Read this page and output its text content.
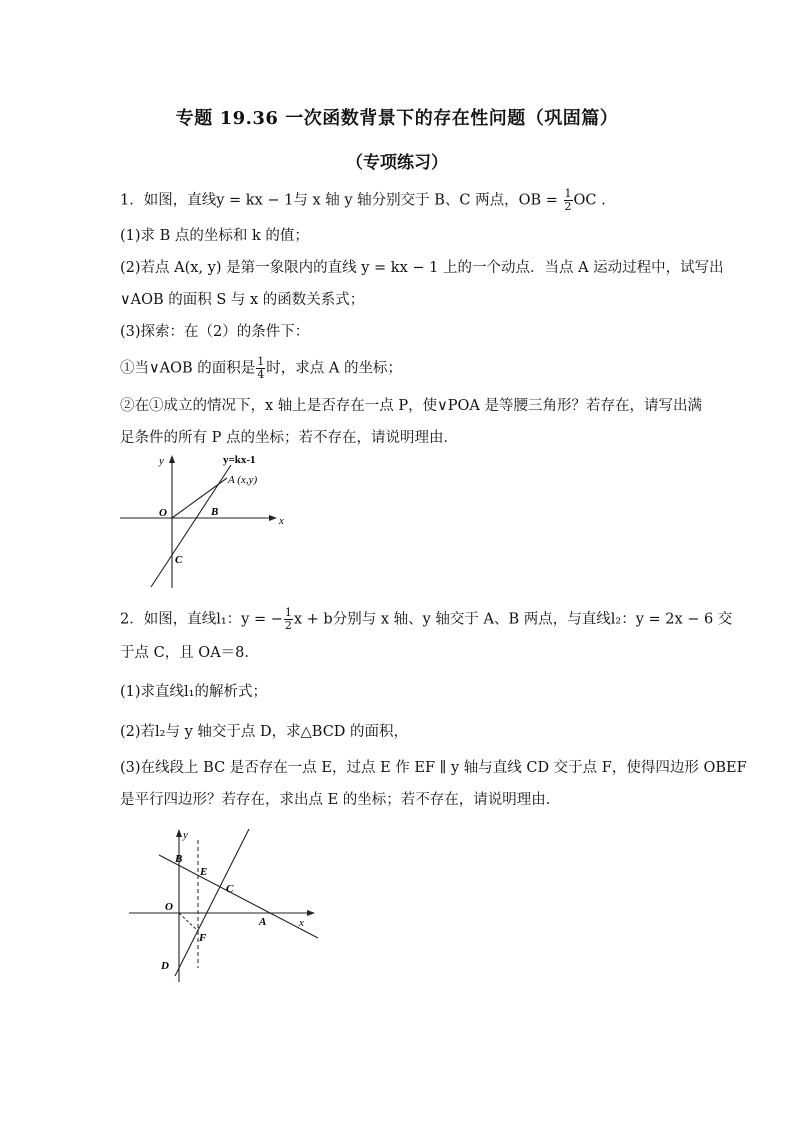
专题 19.36 一次函数背景下的存在性问题（巩固篇）
（专项练习）
1．如图，直线y = kx − 1与 x 轴 y 轴分别交于 B、C 两点，OB = $\frac{1}{2}$ OC .
(1)求 B 点的坐标和 k 的值；
(2)若点 A(x, y) 是第一象限内的直线 y = kx − 1 上的一个动点．当点 A 运动过程中，试写出
∨AOB 的面积 S 与 x 的函数关系式；
(3)探索：在（2）的条件下：
①当∨AOB 的面积是 $\frac{1}{4}$ 时，求点 A 的坐标；
②在①成立的情况下，x 轴上是否存在一点 P，使∨POA 是等腰三角形？若存在，请写出满
足条件的所有 P 点的坐标；若不存在，请说明理由．
y=kx-1
A (x,y)
O	B
C
x
y
2．如图，直线l₁：y = − $\frac{1}{2}$ x + b分别与 x 轴、y 轴交于 A、B 两点，与直线l₂：y = 2x − 6 交
于点 C，且 OA＝8．
(1)求直线l₁的解析式；
(2)若l₂与 y 轴交于点 D，求△BCD 的面积，
(3)在线段上 BC 是否存在一点 E，过点 E 作 EF ∥ y 轴与直线 CD 交于点 F，使得四边形 OBEF
是平行四边形？若存在，求出点 E 的坐标；若不存在，请说明理由．
B
E
C
O
A
F
D
x
y
